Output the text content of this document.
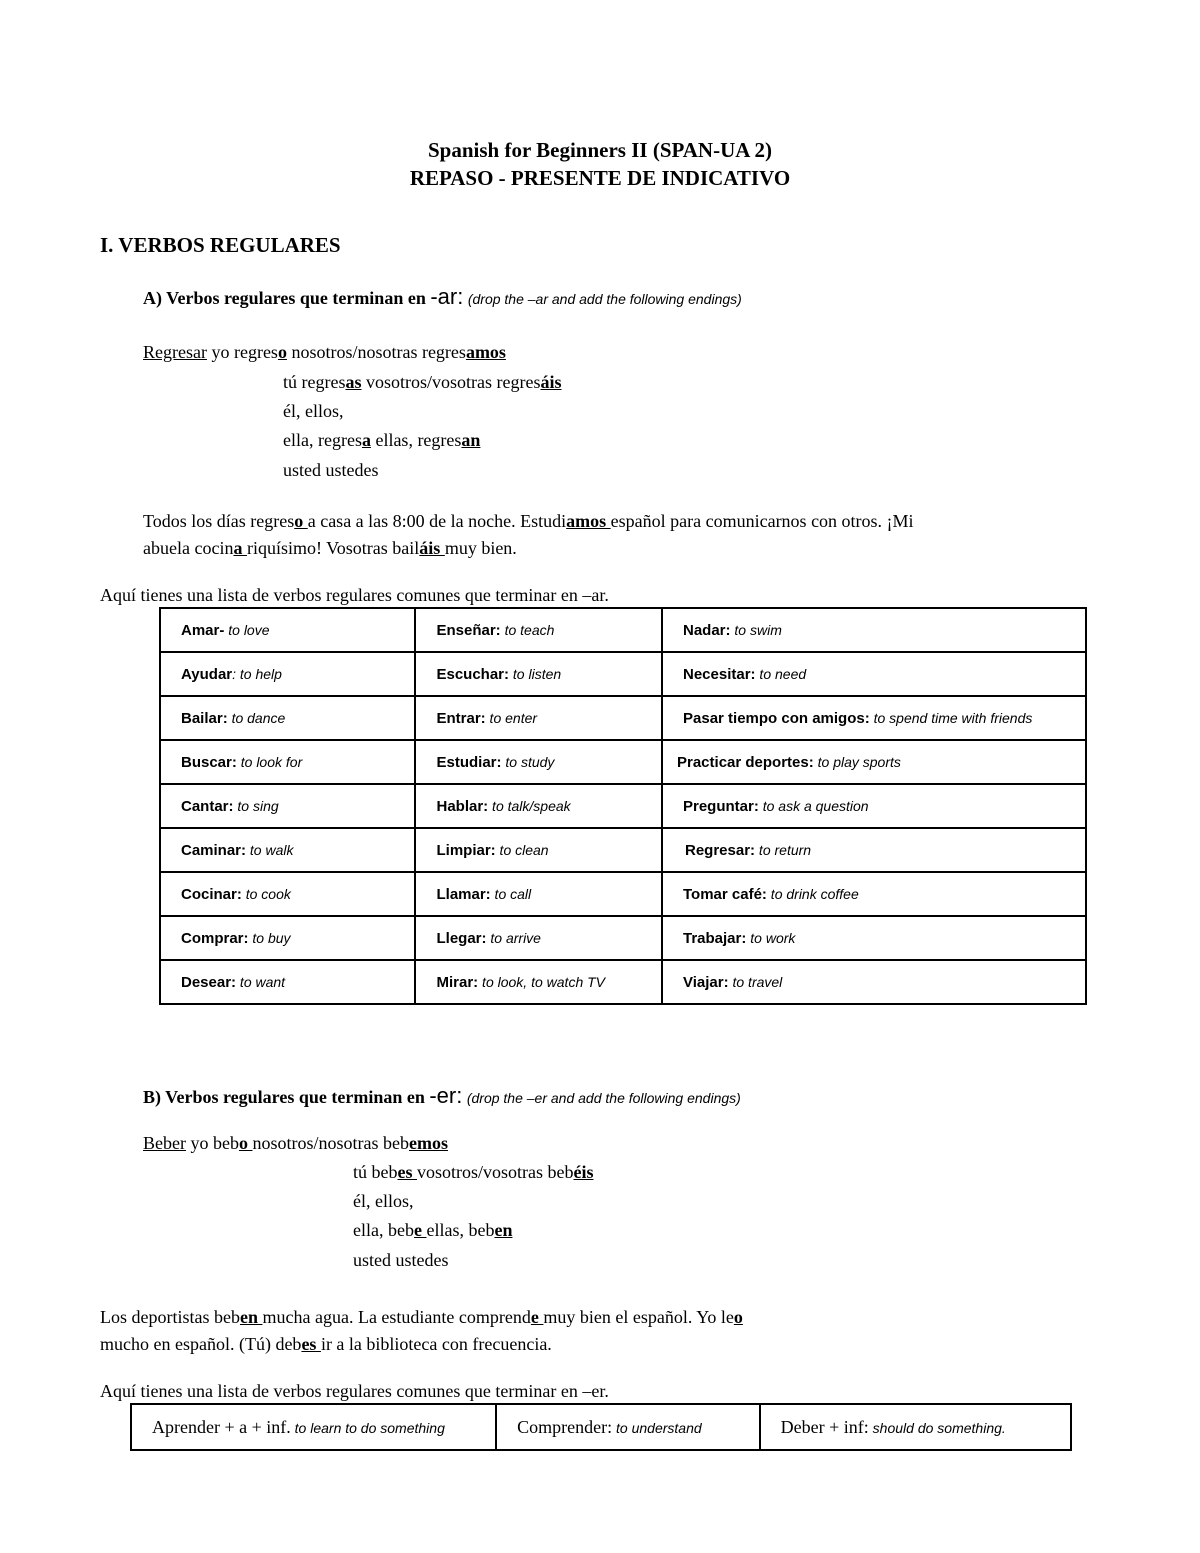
Spanish for Beginners II (SPAN-UA 2)
REPASO - PRESENTE DE INDICATIVO
I. VERBOS REGULARES
A) Verbos regulares que terminan en -ar: (drop the –ar and add the following endings)
Regresar yo regreso nosotros/nosotras regresamos
tú regresas vosotros/vosotras regresáis
él, ellos,
ella, regresa ellas, regresan
usted ustedes
Todos los días regreso a casa a las 8:00 de la noche. Estudiamos español para comunicarnos con otros. ¡Mi
abuela cocina riquísimo! Vosotras bailáis muy bien.
Aquí tienes una lista de verbos regulares comunes que terminar en –ar.
Amar- to love	Enseñar: to teach	Nadar: to swim
Ayudar: to help	Escuchar: to listen	Necesitar: to need
Bailar: to dance	Entrar: to enter	Pasar tiempo con amigos: to spend time with friends
Buscar: to look for	Estudiar: to study	Practicar deportes: to play sports
Cantar: to sing	Hablar: to talk/speak	Preguntar: to ask a question
Caminar: to walk	Limpiar: to clean	Regresar: to return
Cocinar: to cook	Llamar: to call	Tomar café: to drink coffee
Comprar: to buy	Llegar: to arrive	Trabajar: to work
Desear: to want	Mirar: to look, to watch TV	Viajar: to travel
B) Verbos regulares que terminan en -er: (drop the –er and add the following endings)
Beber yo bebo nosotros/nosotras bebemos
tú bebes vosotros/vosotras bebéis
él, ellos,
ella, bebe ellas, beben
usted ustedes
Los deportistas beben mucha agua. La estudiante comprende muy bien el español. Yo leo
mucho en español. (Tú) debes ir a la biblioteca con frecuencia.
Aquí tienes una lista de verbos regulares comunes que terminar en –er.
Aprender + a + inf. to learn to do something	Comprender: to understand	Deber + inf: should do something.
